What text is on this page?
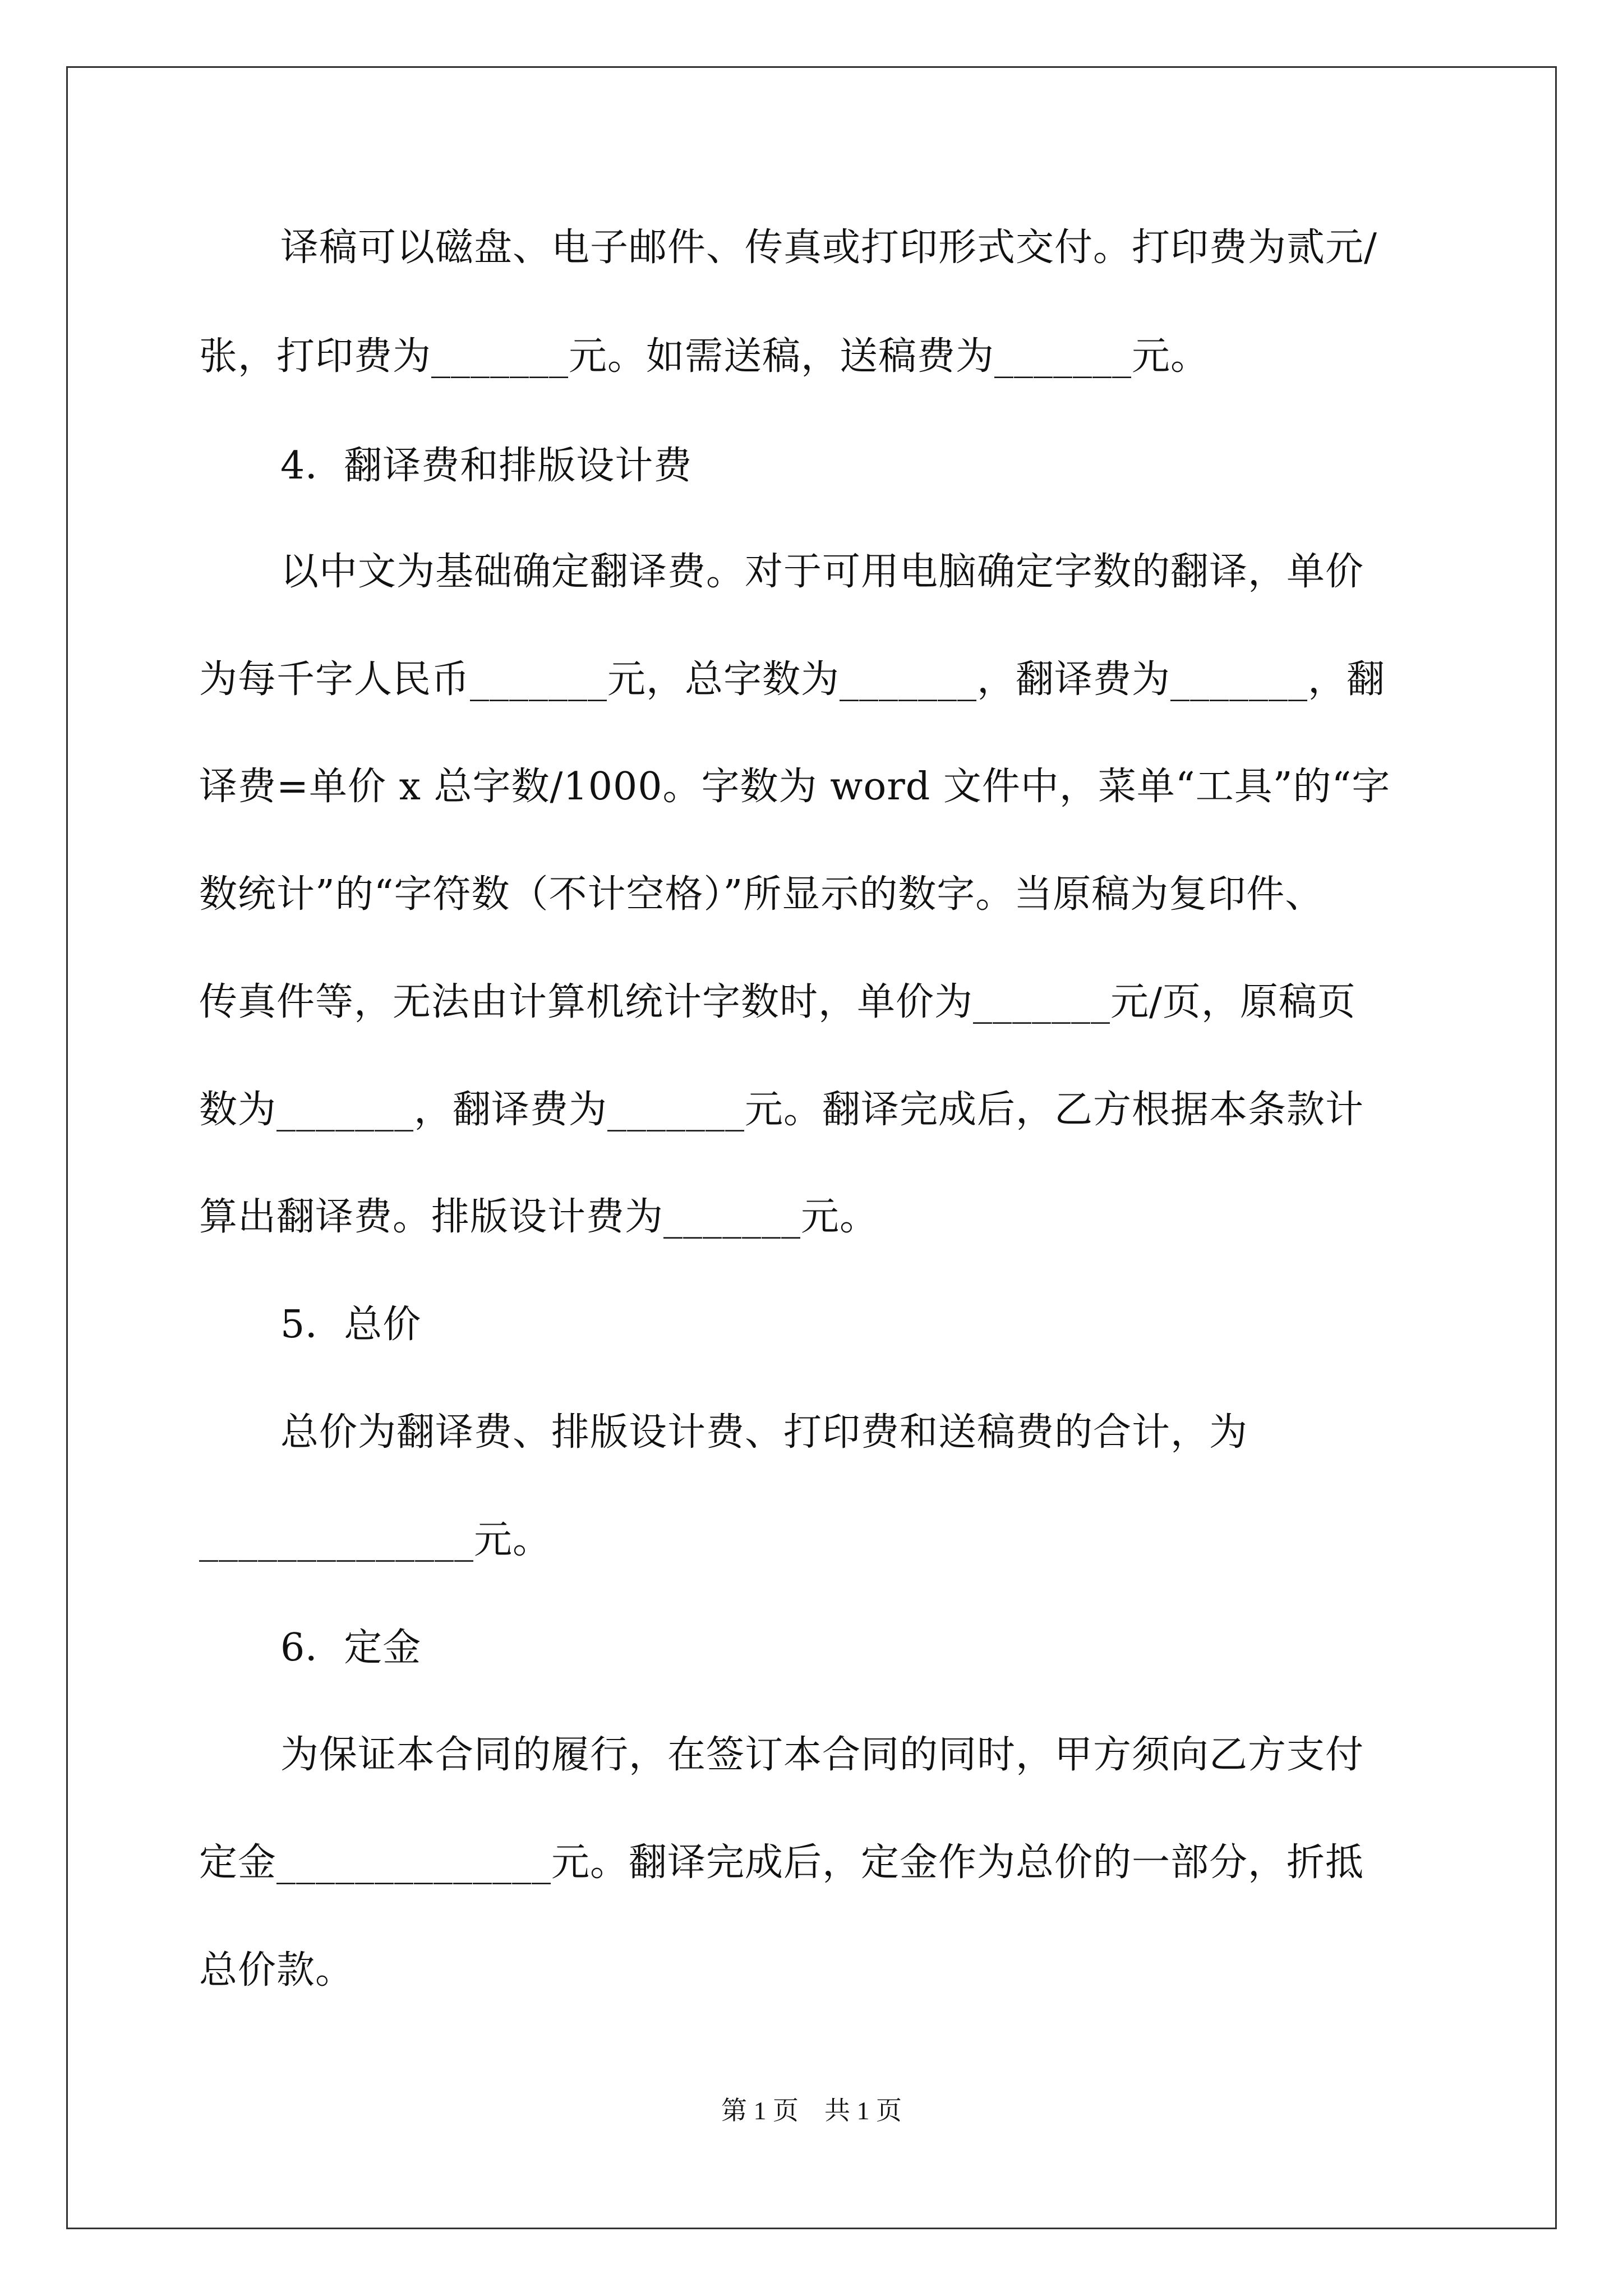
译稿可以磁盘、电子邮件、传真或打印形式交付。打印费为贰元/
张，打印费为_______元。如需送稿，送稿费为_______元。
4．翻译费和排版设计费
以中文为基础确定翻译费。对于可用电脑确定字数的翻译，单价
为每千字人民币_______元，总字数为_______，翻译费为_______，翻
译费=单价 x 总字数/1000。字数为 word 文件中，菜单“工具”的“字
数统计”的“字符数（不计空格）”所显示的数字。当原稿为复印件、
传真件等，无法由计算机统计字数时，单价为_______元/页，原稿页
数为_______，翻译费为_______元。翻译完成后，乙方根据本条款计
算出翻译费。排版设计费为_______元。
5．总价
总价为翻译费、排版设计费、打印费和送稿费的合计，为
______________元。
6．定金
为保证本合同的履行，在签订本合同的同时，甲方须向乙方支付
定金______________元。翻译完成后，定金作为总价的一部分，折抵
总价款。
第 1 页　共 1 页
